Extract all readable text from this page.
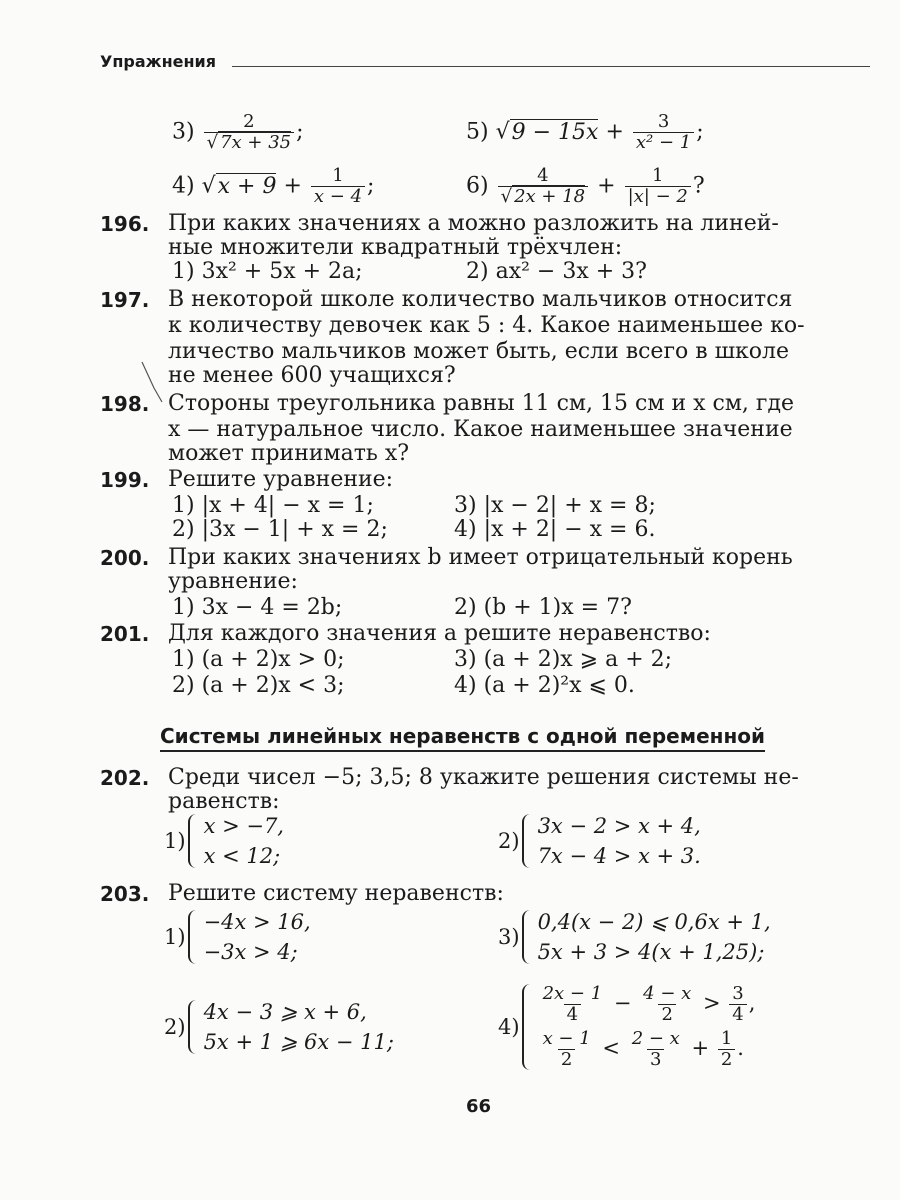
Упражнения
$3) \frac{2}{√ 7x + 35}$ ;	5) $√9 - 15x + \frac{3}{\text{x² − 1}}$ ;
4) $√x + 9 + \frac{1}{x - 4}$ ;	$6) \frac{4}{√ 2x + 18} + \frac{1}{|x| - 2}$ ?
196. При каких значениях a можно разложить на линей-
ные множители квадратный трёхчлен:
1) 3x² + 5x + 2a;	2) ax² − 3x + 3?
197. В некоторой школе количество мальчиков относится
к количеству девочек как 5 : 4. Какое наименьшее ко-
личество мальчиков может быть, если всего в школе
не менее 600 учащихся?
198. Стороны треугольника равны 11 см, 15 см и x см, где
x — натуральное число. Какое наименьшее значение
может принимать x?
199. Решите уравнение:
1) |x + 4| − x = 1;	3) |x − 2| + x = 8;
2) |3x − 1| + x = 2;	4) |x + 2| − x = 6.
200. При каких значениях b имеет отрицательный корень
уравнение:
1) 3x − 4 = 2b;	2) (b + 1)x = 7?
201. Для каждого значения a решите неравенство:
1) (a + 2)x > 0;	3) (a + 2)x ⩾ a + 2;
2) (a + 2)x < 3;	4) (a + 2)²x ⩽ 0.
Системы линейных неравенств с одной переменной
202. Среди чисел −5; 3,5; 8 укажите решения системы не-
равенств:
1)
x > −7,
x < 12;
2)
3x − 2 > x + 4,
7x − 4 > x + 3.
203. Решите систему неравенств:
1)
−4x > 16,
−3x > 4;
3)
0,4(x − 2) ⩽ 0,6x + 1,
5x + 3 > 4(x + 1,25);
2)
4x − 3 ⩾ x + 6,
5x + 1 ⩾ 6x − 11;
4)
$\frac{2x - 1}{4} - \frac{4 - x}{2} > \frac{3}{4}$ ,
$\frac{x - 1}{2} < \frac{2 - x}{3} + \frac{1}{2}$ .
66
